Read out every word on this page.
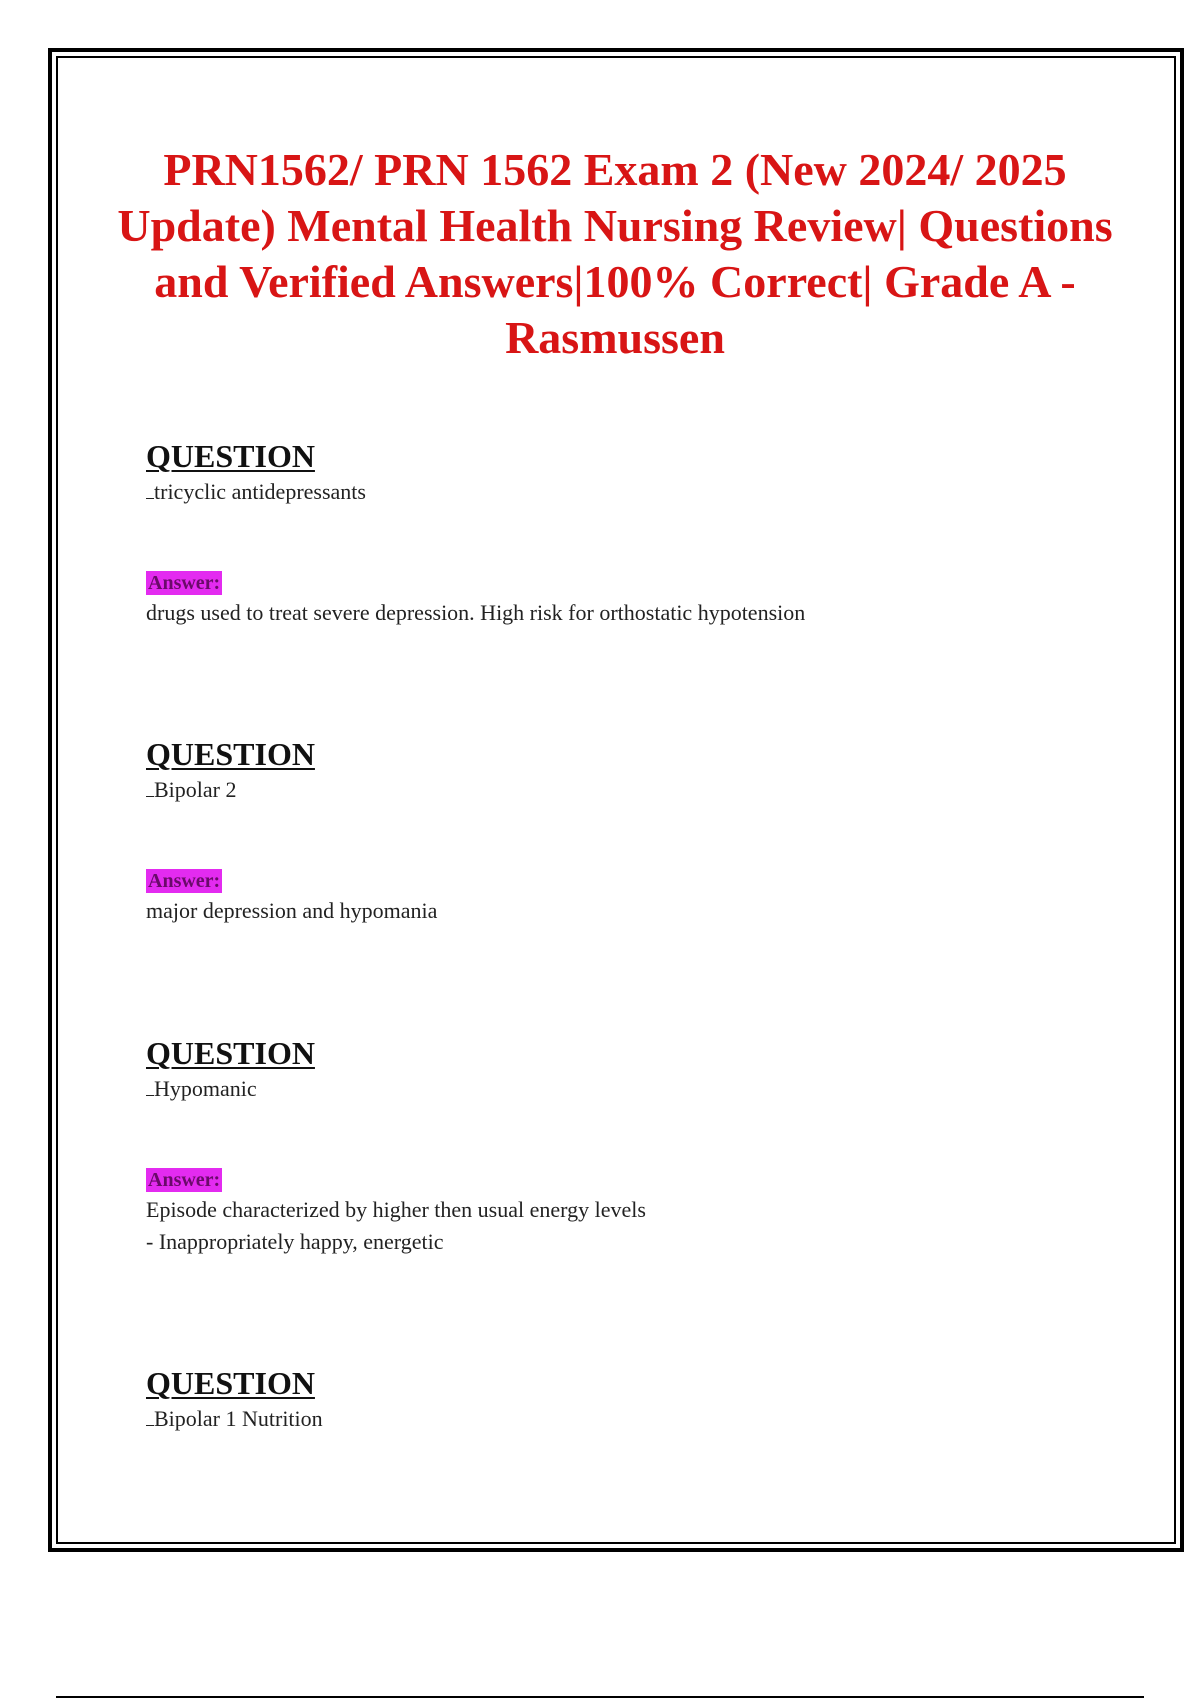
PRN1562/ PRN 1562 Exam 2 (New 2024/ 2025 Update) Mental Health Nursing Review| Questions and Verified Answers|100% Correct| Grade A - Rasmussen
QUESTION
tricyclic antidepressants
Answer:
drugs used to treat severe depression. High risk for orthostatic hypotension
QUESTION
Bipolar 2
Answer:
major depression and hypomania
QUESTION
Hypomanic
Answer:
Episode characterized by higher then usual energy levels
- Inappropriately happy, energetic
QUESTION
Bipolar 1 Nutrition
